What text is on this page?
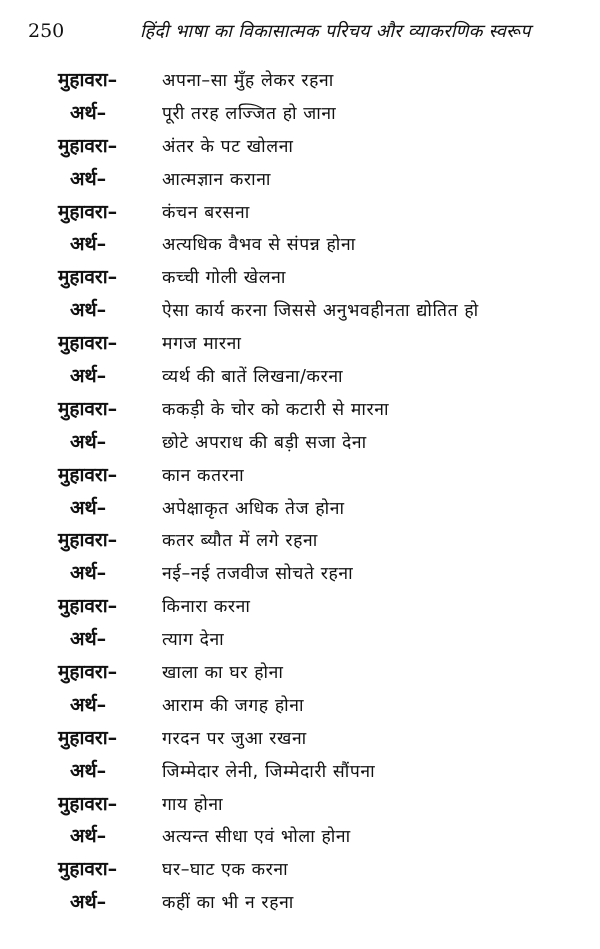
250	हिंदी भाषा का विकासात्मक परिचय और व्याकरणिक स्वरूप
मुहावरा–	अपना–सा मुँह लेकर रहना
अर्थ–	पूरी तरह लज्जित हो जाना
मुहावरा–	अंतर के पट खोलना
अर्थ–	आत्मज्ञान कराना
मुहावरा–	कंचन बरसना
अर्थ–	अत्यधिक वैभव से संपन्न होना
मुहावरा–	कच्ची गोली खेलना
अर्थ–	ऐसा कार्य करना जिससे अनुभवहीनता द्योतित हो
मुहावरा–	मगज मारना
अर्थ–	व्यर्थ की बातें लिखना/करना
मुहावरा–	ककड़ी के चोर को कटारी से मारना
अर्थ–	छोटे अपराध की बड़ी सजा देना
मुहावरा–	कान कतरना
अर्थ–	अपेक्षाकृत अधिक तेज होना
मुहावरा–	कतर ब्यौत में लगे रहना
अर्थ–	नई–नई तजवीज सोचते रहना
मुहावरा–	किनारा करना
अर्थ–	त्याग देना
मुहावरा–	खाला का घर होना
अर्थ–	आराम की जगह होना
मुहावरा–	गरदन पर जुआ रखना
अर्थ–	जिम्मेदार लेनी, जिम्मेदारी सौंपना
मुहावरा–	गाय होना
अर्थ–	अत्यन्त सीधा एवं भोला होना
मुहावरा–	घर–घाट एक करना
अर्थ–	कहीं का भी न रहना
